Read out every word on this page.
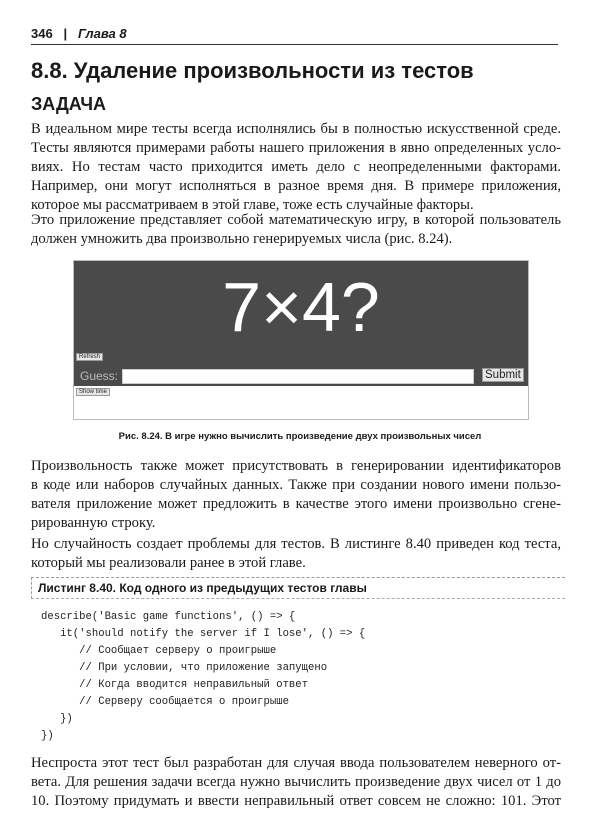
346 | Глава 8
8.8. Удаление произвольности из тестов
ЗАДАЧА
В идеальном мире тесты всегда исполнялись бы в полностью искусственной среде.
Тесты являются примерами работы нашего приложения в явно определенных усло-
виях. Но тестам часто приходится иметь дело с неопределенными факторами.
Например, они могут исполняться в разное время дня. В примере приложения,
которое мы рассматриваем в этой главе, тоже есть случайные факторы.
Это приложение представляет собой математическую игру, в которой пользователь
должен умножить два произвольно генерируемых числа (рис. 8.24).
7×4?
Refresh
Guess:	Submit
Show time
Рис. 8.24. В игре нужно вычислить произведение двух произвольных чисел
Произвольность также может присутствовать в генерировании идентификаторов
в коде или наборов случайных данных. Также при создании нового имени пользо-
вателя приложение может предложить в качестве этого имени произвольно сгене-
рированную строку.
Но случайность создает проблемы для тестов. В листинге 8.40 приведен код теста,
который мы реализовали ранее в этой главе.
Листинг 8.40. Код одного из предыдущих тестов главы
describe('Basic game functions', () => {
it('should notify the server if I lose', () => {
// Сообщает серверу о проигрыше
// При условии, что приложение запущено
// Когда вводится неправильный ответ
// Серверу сообщается о проигрыше
})
})
Неспроста этот тест был разработан для случая ввода пользователем неверного от-
вета. Для решения задачи всегда нужно вычислить произведение двух чисел от 1 до
10. Поэтому придумать и ввести неправильный ответ совсем не сложно: 101. Этот
